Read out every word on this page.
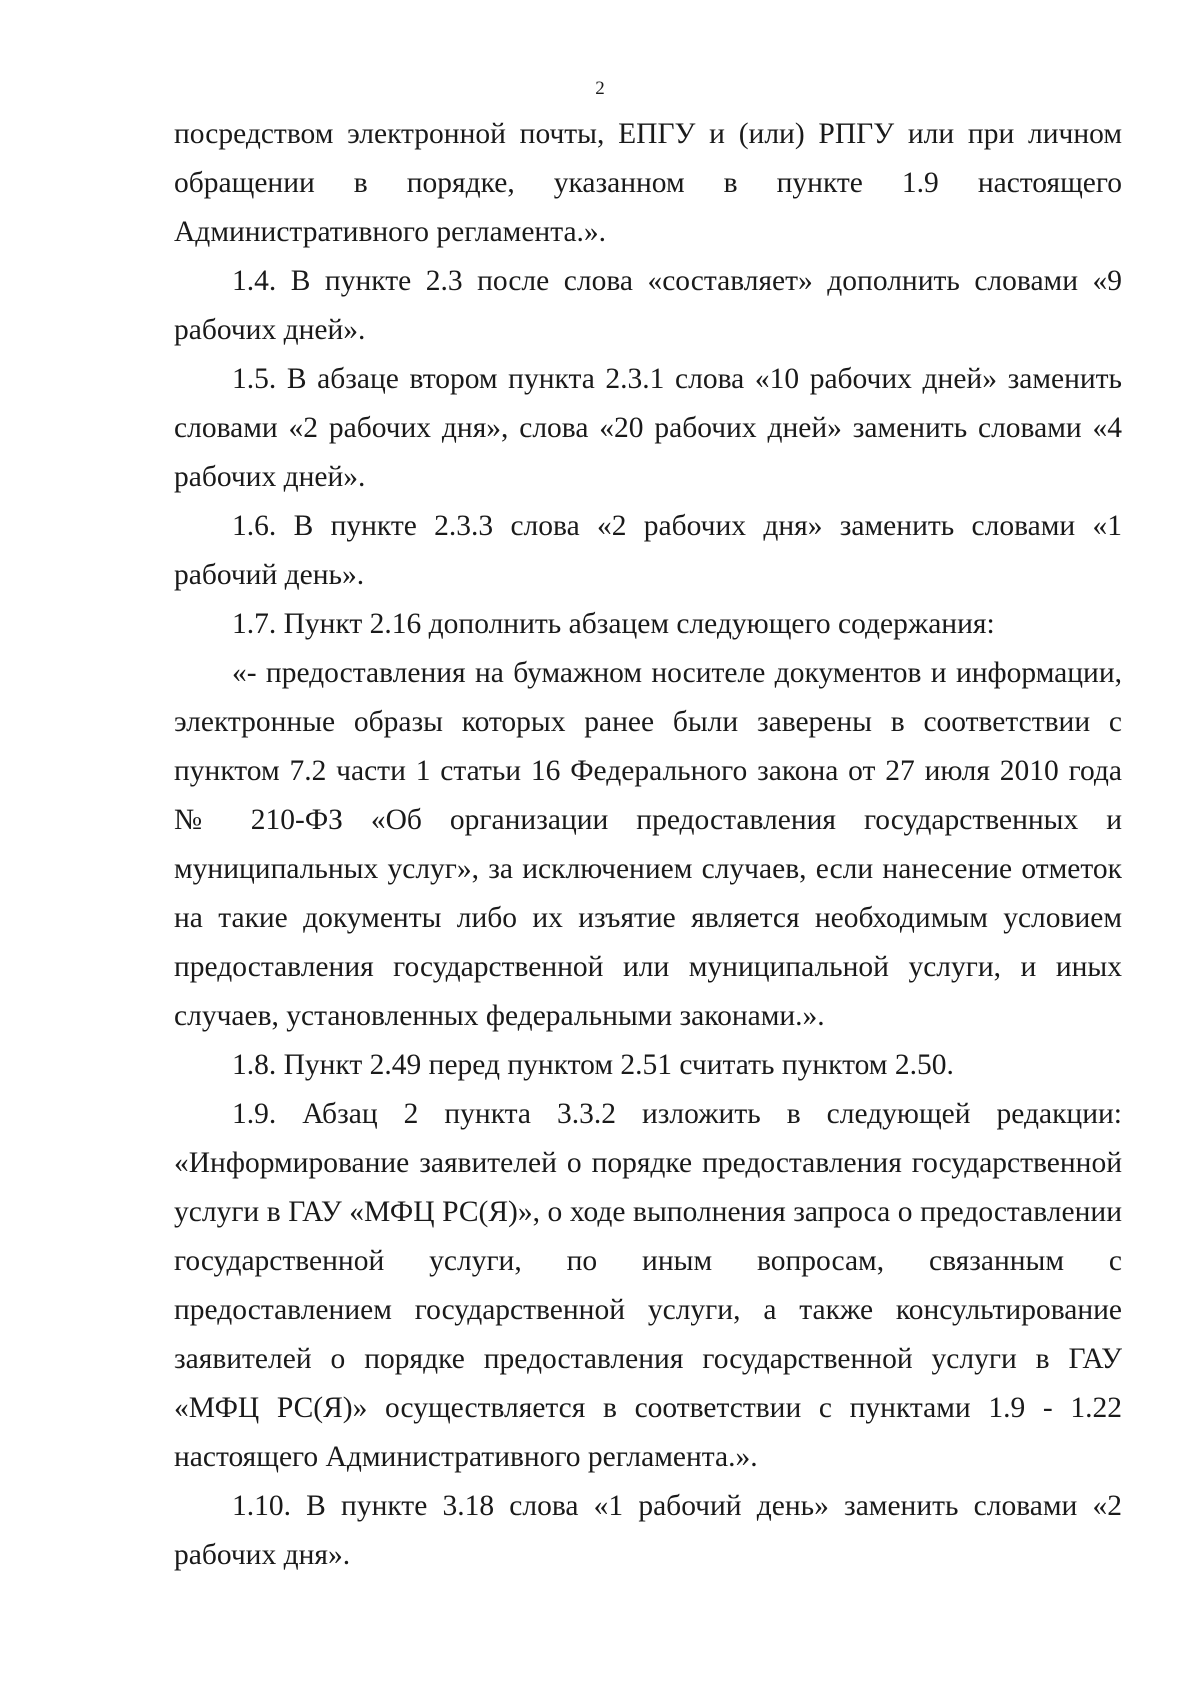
2

посредством электронной почты, ЕПГУ и (или) РПГУ или при личном обращении в порядке, указанном в пункте 1.9 настоящего Административного регламента.».

1.4. В пункте 2.3 после слова «составляет» дополнить словами «9 рабочих дней».

1.5. В абзаце втором пункта 2.3.1 слова «10 рабочих дней» заменить словами «2 рабочих дня», слова «20 рабочих дней» заменить словами «4 рабочих дней».

1.6. В пункте 2.3.3 слова «2 рабочих дня» заменить словами «1 рабочий день».

1.7. Пункт 2.16 дополнить абзацем следующего содержания:

«- предоставления на бумажном носителе документов и информации, электронные образы которых ранее были заверены в соответствии с пунктом 7.2 части 1 статьи 16 Федерального закона от 27 июля 2010 года № 210-ФЗ «Об организации предоставления государственных и муниципальных услуг», за исключением случаев, если нанесение отметок на такие документы либо их изъятие является необходимым условием предоставления государственной или муниципальной услуги, и иных случаев, установленных федеральными законами.».

1.8. Пункт 2.49 перед пунктом 2.51 считать пунктом 2.50.

1.9. Абзац 2 пункта 3.3.2 изложить в следующей редакции: «Информирование заявителей о порядке предоставления государственной услуги в ГАУ «МФЦ РС(Я)», о ходе выполнения запроса о предоставлении государственной услуги, по иным вопросам, связанным с предоставлением государственной услуги, а также консультирование заявителей о порядке предоставления государственной услуги в ГАУ «МФЦ РС(Я)» осуществляется в соответствии с пунктами 1.9 - 1.22 настоящего Административного регламента.».

1.10. В пункте 3.18 слова «1 рабочий день» заменить словами «2 рабочих дня».
